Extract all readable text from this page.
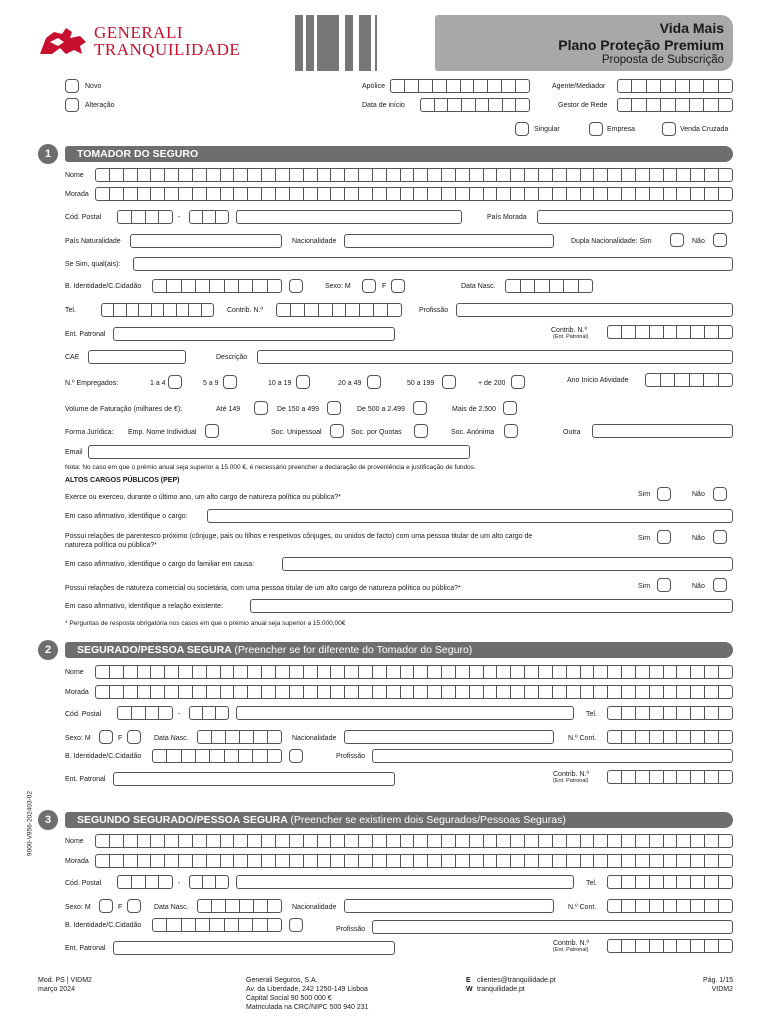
GENERALI
TRANQUILIDADE
Vida Mais
Plano Proteção Premium
Proposta de Subscrição
Novo
Alteração
Apólice
Data de início
Agente/Mediador
Gestor de Rede
Singular	Empresa	Venda Cruzada
1	TOMADOR DO SEGURO
Nome
Morada
Cód. Postal	-	País Morada
País Naturalidade	Nacionalidade	Dupla Nacionalidade: Sim	Não
Se Sim, qual(ais):
B. Identidade/C.Cidadão	Sexo: M	F	Data Nasc.
Tel.	Contrib. N.º	Profissão
Ent. Patronal
Contrib. N.º
(Ent. Patronal)
CAE	Descrição
N.º Empregados:	1 a 4	5 a 9	10 a 19	20 a 49	50 a 199	+ de 200	Ano Início Atividade
Volume de Faturação (milhares de €):	Até 149	De 150 a 499	De 500 a 2.499	Mais de 2.500
Forma Jurídica: Emp. Nome Individual	Soc. Unipessoal	Soc. por Quotas	Soc. Anónima	Outra
Email
Nota: No caso em que o prémio anual seja superior a 15.000 €, é necessário preencher a declaração de proveniência e justificação de fundos.
ALTOS CARGOS PÚBLICOS (PEP)
Exerce ou exerceu, durante o último ano, um alto cargo de natureza política ou pública?*	Sim	Não
Em caso afirmativo, identifique o cargo:
Possui relações de parentesco próximo (cônjuge, pais ou filhos e respetivos cônjuges, ou unidos de facto) com uma pessoa titular de um alto cargo de
natureza política ou pública?*
Sim	Não
Em caso afirmativo, identifique o cargo do familiar em causa:
Possui relações de natureza comercial ou societária, com uma pessoa titular de um alto cargo de natureza política ou pública?*	Sim	Não
Em caso afirmativo, identifique a relação existente:
* Perguntas de resposta obrigatória nos casos em que o prémio anual seja superior a 15.000,00€
2	SEGURADO/PESSOA SEGURA (Preencher se for diferente do Tomador do Seguro)
Nome
Morada
Cód. Postal	-	Tel.
Sexo: M	F	Data Nasc.	Nacionalidade	N.º Cont.
B. Identidade/C.Cidadão	Profissão
Ent. Patronal
Contrib. N.º
(Ent. Patronal)
9000-V956-202403-02	3	SEGUNDO SEGURADO/PESSOA SEGURA (Preencher se existirem dois Segurados/Pessoas Seguras)
Nome
Morada
Cód. Postal	-	Tel.
Sexo: M	F	Data Nasc.	Nacionalidade	N.º Cont.
B. Identidade/C.Cidadão
Profissão
Ent. Patronal
Contrib. N.º
(Ent. Patronal)
Mod. PS | VIDM2
março 2024
Generali Seguros, S.A.
Av. da Liberdade, 242 1250-149 Lisboa
Capital Social 90 500 000 €
Matriculada na CRC/NIPC 500 940 231
E clientes@tranquilidade.pt
W tranquilidade.pt
Pág. 1/15
VIDM2
